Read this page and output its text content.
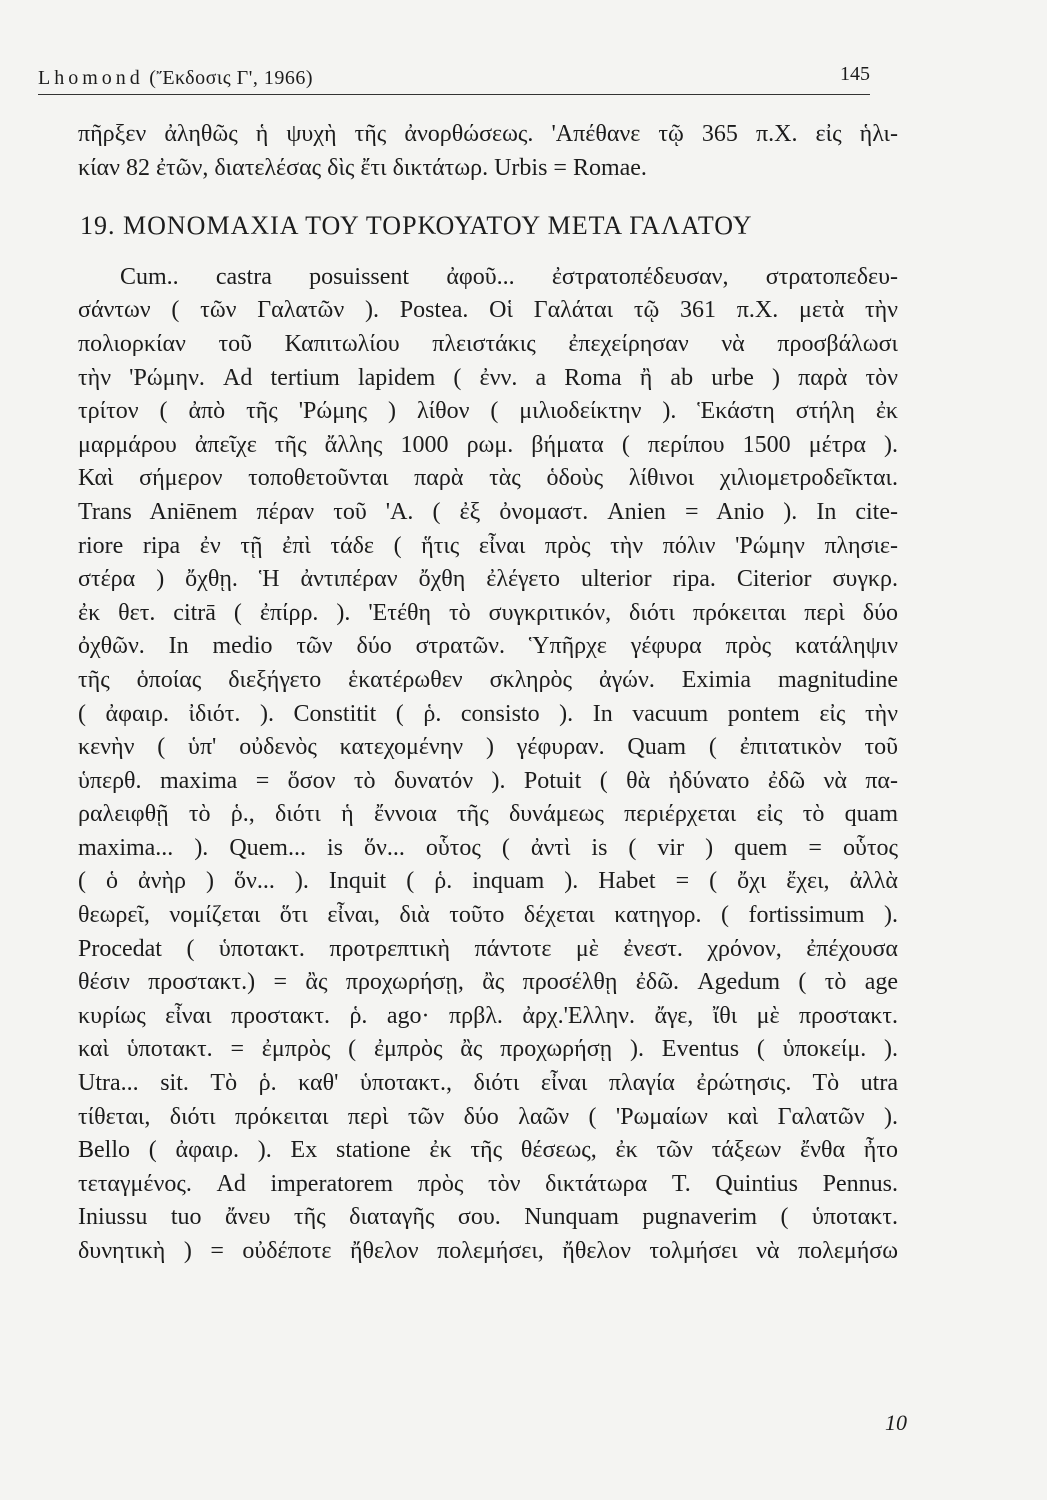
Lhomond (Ἔκδοσις Γ', 1966)	145
πῆρξεν ἀληθῶς ἡ ψυχὴ τῆς ἀνορθώσεως. 'Απέθανε τῷ 365 π.Χ. εἰς ἡλι-
κίαν 82 ἐτῶν, διατελέσας δὶς ἔτι δικτάτωρ. Urbis = Romae.
19. ΜΟΝΟΜΑΧΙΑ ΤΟΥ ΤΟΡΚΟΥΑΤΟΥ ΜΕΤΑ ΓΑΛΑΤΟΥ
Cum.. castra posuissent ἀφοῦ... ἐστρατοπέδευσαν, στρατοπεδευ-
σάντων ( τῶν Γαλατῶν ). Postea. Οἱ Γαλάται τῷ 361 π.Χ. μετὰ τὴν
πολιορκίαν τοῦ Καπιτωλίου πλειστάκις ἐπεχείρησαν νὰ προσβάλωσι
τὴν 'Ρώμην. Ad tertium lapidem ( ἐνν. a Roma ἢ ab urbe ) παρὰ τὸν
τρίτον ( ἀπὸ τῆς 'Ρώμης ) λίθον ( μιλιοδείκτην ). Ἑκάστη στήλη ἐκ
μαρμάρου ἀπεῖχε τῆς ἄλλης 1000 ρωμ. βήματα ( περίπου 1500 μέτρα ).
Καὶ σήμερον τοποθετοῦνται παρὰ τὰς ὁδοὺς λίθινοι χιλιομετροδεῖκται.
Trans Aniēnem πέραν τοῦ 'Α. ( ἐξ ὀνομαστ. Anien = Anio ). In cite-
riore ripa ἐν τῇ ἐπὶ τάδε ( ἥτις εἶναι πρὸς τὴν πόλιν 'Ρώμην πλησιε-
στέρα ) ὄχθῃ. Ἡ ἀντιπέραν ὄχθη ἐλέγετο ulterior ripa. Citerior συγκρ.
ἐκ θετ. citrā ( ἐπίρρ. ). 'Ετέθη τὸ συγκριτικόν, διότι πρόκειται περὶ δύο
ὀχθῶν. In medio τῶν δύο στρατῶν. Ὑπῆρχε γέφυρα πρὸς κατάληψιν
τῆς ὁποίας διεξήγετο ἑκατέρωθεν σκληρὸς ἀγών. Eximia magnitudine
( ἀφαιρ. ἰδιότ. ). Constitit ( ῥ. consisto ). In vacuum pontem εἰς τὴν
κενὴν ( ὑπ' οὐδενὸς κατεχομένην ) γέφυραν. Quam ( ἐπιτατικὸν τοῦ
ὑπερθ. maxima = ὅσον τὸ δυνατόν ). Potuit ( θὰ ἠδύνατο ἐδῶ νὰ πα-
ραλειφθῇ τὸ ῥ., διότι ἡ ἔννοια τῆς δυνάμεως περιέρχεται εἰς τὸ quam
maxima... ). Quem... is ὅν... οὗτος ( ἀντὶ is ( vir ) quem = οὗτος
( ὁ ἀνὴρ ) ὅν... ). Inquit ( ῥ. inquam ). Habet = ( ὄχι ἔχει, ἀλλὰ
θεωρεῖ, νομίζεται ὅτι εἶναι, διὰ τοῦτο δέχεται κατηγορ. ( fortissimum ).
Procedat ( ὑποτακτ. προτρεπτικὴ πάντοτε μὲ ἐνεστ. χρόνον, ἐπέχουσα
θέσιν προστακτ.) = ἂς προχωρήσῃ, ἂς προσέλθῃ ἐδῶ. Agedum ( τὸ age
κυρίως εἶναι προστακτ. ῥ. ago· πρβλ. ἀρχ.'Ελλην. ἄγε, ἴθι μὲ προστακτ.
καὶ ὑποτακτ. = ἐμπρὸς ( ἐμπρὸς ἂς προχωρήσῃ ). Eventus ( ὑποκείμ. ).
Utra... sit. Τὸ ῥ. καθ' ὑποτακτ., διότι εἶναι πλαγία ἐρώτησις. Τὸ utra
τίθεται, διότι πρόκειται περὶ τῶν δύο λαῶν ( 'Ρωμαίων καὶ Γαλατῶν ).
Bello ( ἀφαιρ. ). Ex statione ἐκ τῆς θέσεως, ἐκ τῶν τάξεων ἔνθα ἦτο
τεταγμένος. Ad imperatorem πρὸς τὸν δικτάτωρα T. Quintius Pennus.
Iniussu tuo ἄνευ τῆς διαταγῆς σου. Nunquam pugnaverim ( ὑποτακτ.
δυνητικὴ ) = οὐδέποτε ἤθελον πολεμήσει, ἤθελον τολμήσει νὰ πολεμήσω
10
